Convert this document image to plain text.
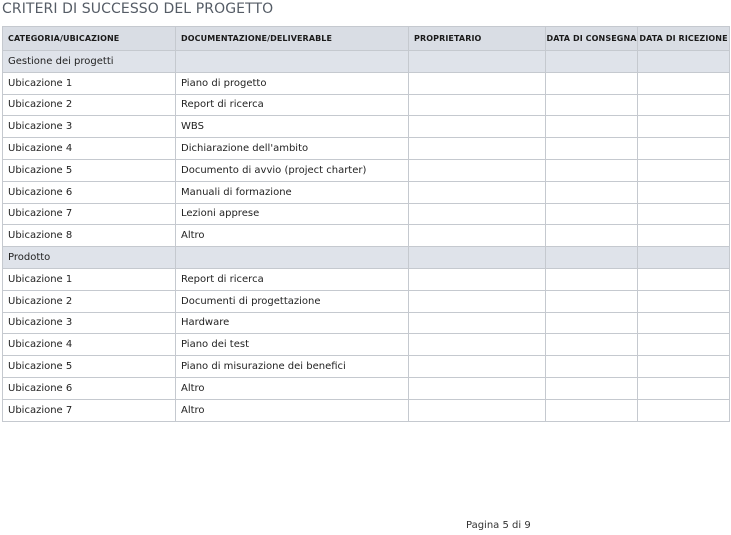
CRITERI DI SUCCESSO DEL PROGETTO
CATEGORIA/UBICAZIONE	DOCUMENTAZIONE/DELIVERABLE	PROPRIETARIO	DATA DI CONSEGNA	DATA DI RICEZIONE
Gestione dei progetti				
Ubicazione 1	Piano di progetto			
Ubicazione 2	Report di ricerca			
Ubicazione 3	WBS			
Ubicazione 4	Dichiarazione dell'ambito			
Ubicazione 5	Documento di avvio (project charter)			
Ubicazione 6	Manuali di formazione			
Ubicazione 7	Lezioni apprese			
Ubicazione 8	Altro			
Prodotto				
Ubicazione 1	Report di ricerca			
Ubicazione 2	Documenti di progettazione			
Ubicazione 3	Hardware			
Ubicazione 4	Piano dei test			
Ubicazione 5	Piano di misurazione dei benefici			
Ubicazione 6	Altro			
Ubicazione 7	Altro			
Pagina 5 di 9
